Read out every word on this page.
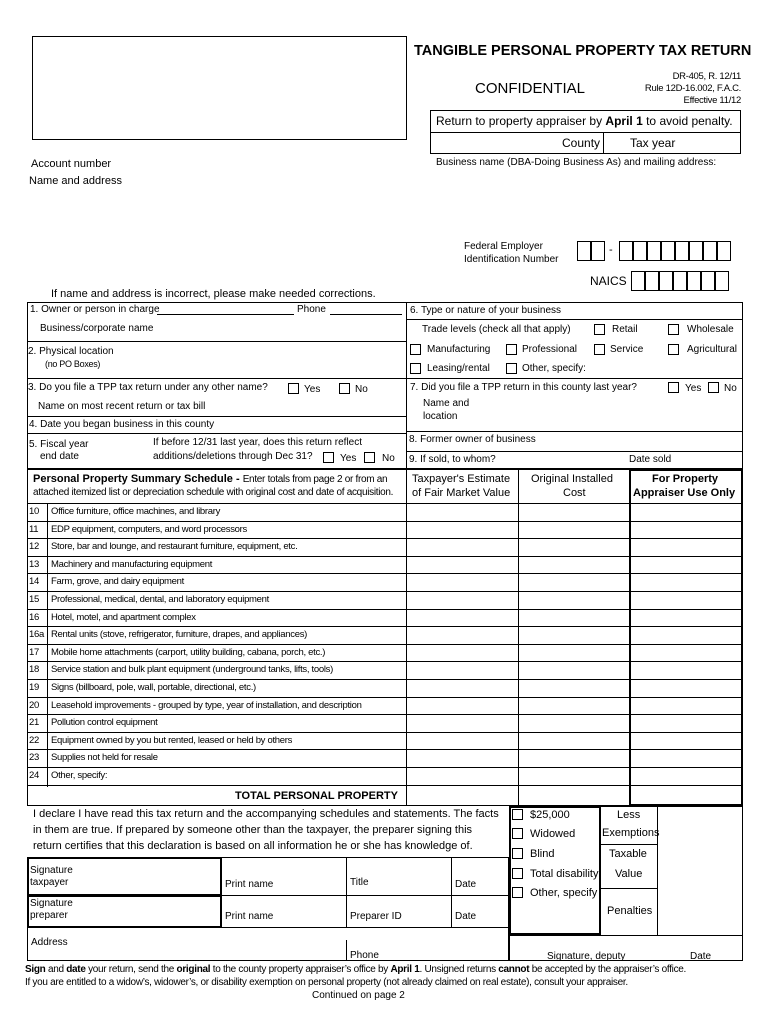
TANGIBLE PERSONAL PROPERTY TAX RETURN
CONFIDENTIAL
DR-405, R. 12/11
Rule 12D-16.002, F.A.C.
Effective 11/12
Return to property appraiser by April 1 to avoid penalty.
County Tax year
Business name (DBA-Doing Business As) and mailing address:
Account number
Name and address
Federal Employer
Identification Number
-
NAICS
If name and address is incorrect, please make needed corrections.
1. Owner or person in charge	Phone
Business/corporate name
2. Physical location
(no PO Boxes)
3. Do you file a TPP tax return under any other name?	Yes	No
Name on most recent return or tax bill
4. Date you began business in this county
5. Fiscal year
end date
If before 12/31 last year, does this return reflect
additions/deletions through Dec 31?	Yes	No
6. Type or nature of your business
Trade levels (check all that apply)	Retail	Wholesale
Manufacturing	Professional	Service	Agricultural
Leasing/rental	Other, specify:
7. Did you file a TPP return in this county last year?	Yes No
Name and
location
8. Former owner of business
9. If sold, to whom?	Date sold
Personal Property Summary Schedule - Enter totals from page 2 or from an
attached itemized list or depreciation schedule with original cost and date of acquisition.
Taxpayer's Estimate
of Fair Market Value
Original Installed
Cost
For Property
Appraiser Use Only
10 Office furniture, office machines, and library
11 EDP equipment, computers, and word processors
12 Store, bar and lounge, and restaurant furniture, equipment, etc.
13 Machinery and manufacturing equipment
14 Farm, grove, and dairy equipment
15 Professional, medical, dental, and laboratory equipment
16 Hotel, motel, and apartment complex
16a Rental units (stove, refrigerator, furniture, drapes, and appliances)
17 Mobile home attachments (carport, utility building, cabana, porch, etc.)
18 Service station and bulk plant equipment (underground tanks, lifts, tools)
19 Signs (billboard, pole, wall, portable, directional, etc.)
20 Leasehold improvements - grouped by type, year of installation, and description
21 Pollution control equipment
22 Equipment owned by you but rented, leased or held by others
23 Supplies not held for resale
24 Other, specify:
TOTAL PERSONAL PROPERTY
I declare I have read this tax return and the accompanying schedules and statements. The facts
in them are true. If prepared by someone other than the taxpayer, the preparer signing this
return certifies that this declaration is based on all information he or she has knowledge of.
Signature
taxpayer	Print name	Title	Date
Signature
preparer	Print name	Preparer ID	Date
Address
Phone
$25,000
Widowed
Blind
Total disability
Other, specify
Less
Exemptions
Taxable
Value
Penalties
Signature, deputy	Date
Sign and date your return, send the original to the county property appraiser’s office by April 1. Unsigned returns cannot be accepted by the appraiser’s office.
If you are entitled to a widow’s, widower’s, or disability exemption on personal property (not already claimed on real estate), consult your appraiser.
Continued on page 2
